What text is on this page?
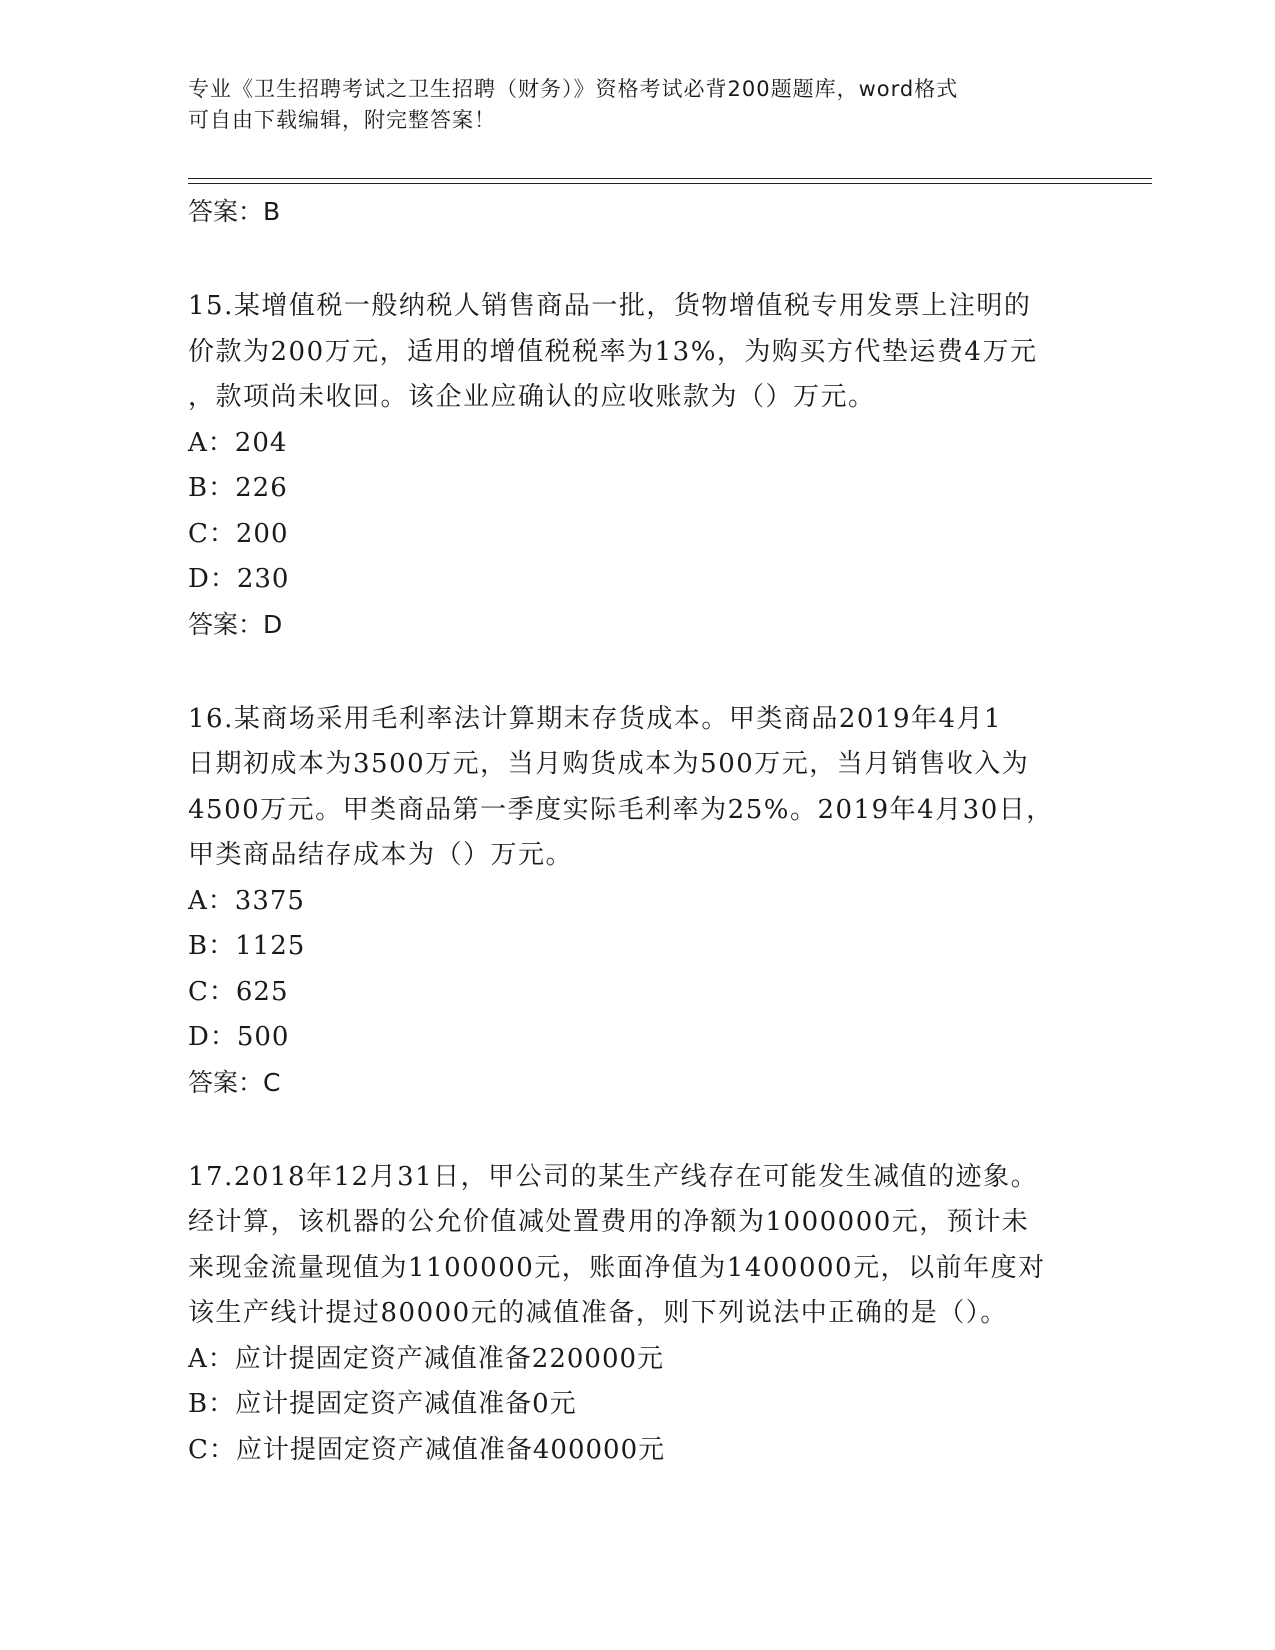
专业《卫生招聘考试之卫生招聘（财务）》资格考试必背200题题库，word格式
可自由下载编辑，附完整答案！
答案：B
15.某增值税一般纳税人销售商品一批，货物增值税专用发票上注明的
价款为200万元，适用的增值税税率为13%，为购买方代垫运费4万元
，款项尚未收回。该企业应确认的应收账款为（）万元。
A：204
B：226
C：200
D：230
答案：D
16.某商场采用毛利率法计算期末存货成本。甲类商品2019年4月1
日期初成本为3500万元，当月购货成本为500万元，当月销售收入为
4500万元。甲类商品第一季度实际毛利率为25%。2019年4月30日，
甲类商品结存成本为（）万元。
A：3375
B：1125
C：625
D：500
答案：C
17.2018年12月31日，甲公司的某生产线存在可能发生减值的迹象。
经计算，该机器的公允价值减处置费用的净额为1000000元，预计未
来现金流量现值为1100000元，账面净值为1400000元，以前年度对
该生产线计提过80000元的减值准备，则下列说法中正确的是（）。
A：应计提固定资产减值准备220000元
B：应计提固定资产减值准备0元
C：应计提固定资产减值准备400000元
